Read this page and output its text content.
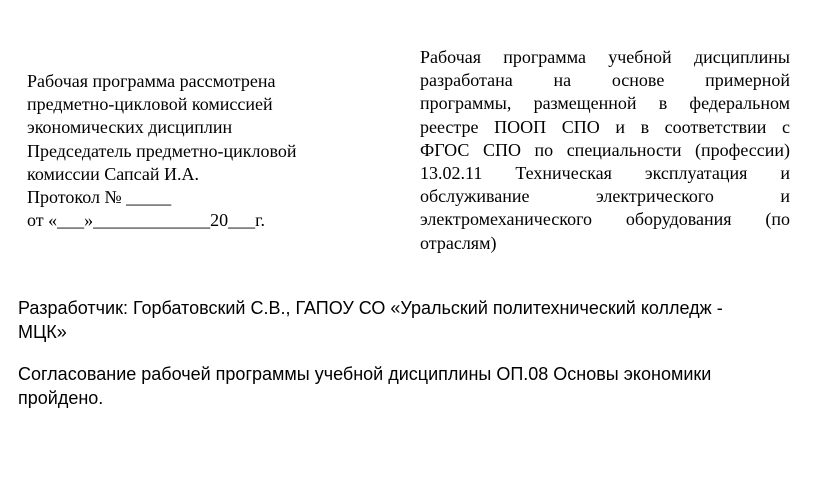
Рабочая программа рассмотрена
предметно-цикловой комиссией
экономических дисциплин
Председатель предметно-цикловой
комиссии Сапсай И.А.
Протокол № _____
от «___»_____________20___г.
Рабочая программа учебной дисциплины
разработана на основе примерной
программы, размещенной в федеральном
реестре ПООП СПО и в соответствии с
ФГОС СПО по специальности (профессии)
13.02.11 Техническая эксплуатация и
обслуживание электрического и
электромеханического оборудования (по
отраслям)
Разработчик: Горбатовский С.В., ГАПОУ СО «Уральский политехнический колледж -
МЦК»
Согласование рабочей программы учебной дисциплины ОП.08 Основы экономики
пройдено.
